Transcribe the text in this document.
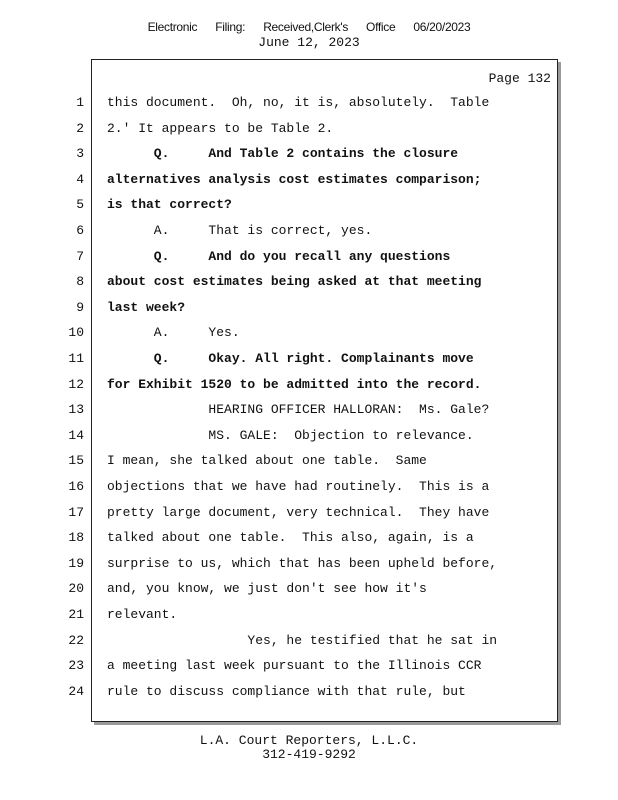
Electronic Filing: Received,Clerk's Office 06/20/2023
June 12, 2023
Page 132
1 this document.  Oh, no, it is, absolutely.  Table
2 2.' It appears to be Table 2.
3 Q.     And Table 2 contains the closure
4 alternatives analysis cost estimates comparison;
5 is that correct?
6 A.     That is correct, yes.
7 Q.     And do you recall any questions
8 about cost estimates being asked at that meeting
9 last week?
10 A.     Yes.
11 Q.     Okay. All right. Complainants move
12 for Exhibit 1520 to be admitted into the record.
13 HEARING OFFICER HALLORAN:  Ms. Gale?
14 MS. GALE:  Objection to relevance.
15 I mean, she talked about one table.  Same
16 objections that we have had routinely.  This is a
17 pretty large document, very technical.  They have
18 talked about one table.  This also, again, is a
19 surprise to us, which that has been upheld before,
20 and, you know, we just don't see how it's
21 relevant.
22 Yes, he testified that he sat in
23 a meeting last week pursuant to the Illinois CCR
24 rule to discuss compliance with that rule, but
L.A. Court Reporters, L.L.C.
312-419-9292
